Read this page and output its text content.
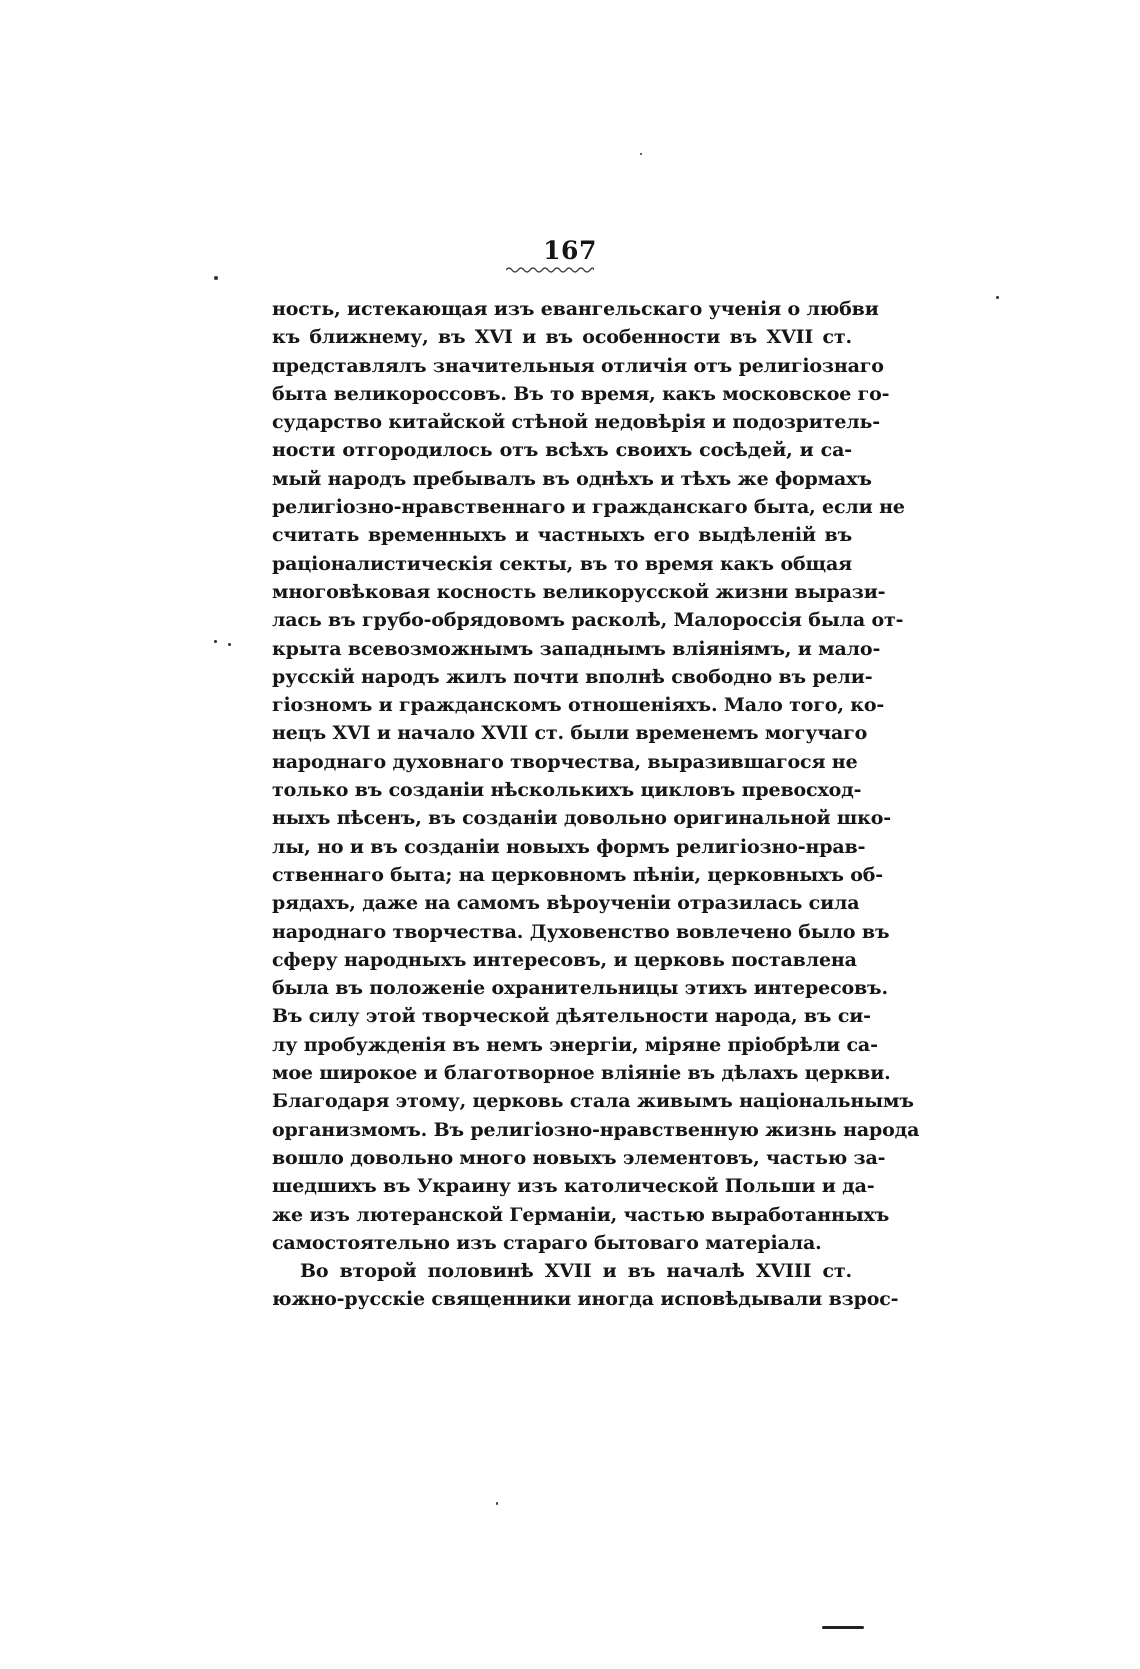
167
ность, истекающая изъ евангельскаго ученія о любви
къ ближнему, въ XVI и въ особенности въ XVII ст.
представлялъ значительныя отличія отъ религіознаго
быта великороссовъ. Въ то время, какъ московское го-
сударство китайской стѣной недовѣрія и подозритель-
ности отгородилось отъ всѣхъ своихъ сосѣдей, и са-
мый народъ пребывалъ въ однѣхъ и тѣхъ же формахъ
религіозно-нравственнаго и гражданскаго быта, если не
считать временныхъ и частныхъ его выдѣленій въ
раціоналистическія секты, въ то время какъ общая
многовѣковая косность великорусской жизни вырази-
лась въ грубо-обрядовомъ расколѣ, Малороссія была от-
крыта всевозможнымъ западнымъ вліяніямъ, и мало-
русскій народъ жилъ почти вполнѣ свободно въ рели-
гіозномъ и гражданскомъ отношеніяхъ. Мало того, ко-
нецъ XVI и начало XVII ст. были временемъ могучаго
народнаго духовнаго творчества, выразившагося не
только въ созданіи нѣсколькихъ цикловъ превосход-
ныхъ пѣсенъ, въ созданіи довольно оригинальной шко-
лы, но и въ созданіи новыхъ формъ религіозно-нрав-
ственнаго быта; на церковномъ пѣніи, церковныхъ об-
рядахъ, даже на самомъ вѣроученіи отразилась сила
народнаго творчества. Духовенство вовлечено было въ
сферу народныхъ интересовъ, и церковь поставлена
была въ положеніе охранительницы этихъ интересовъ.
Въ силу этой творческой дѣятельности народа, въ си-
лу пробужденія въ немъ энергіи, міряне пріобрѣли са-
мое широкое и благотворное вліяніе въ дѣлахъ церкви.
Благодаря этому, церковь стала живымъ національнымъ
организмомъ. Въ религіозно-нравственную жизнь народа
вошло довольно много новыхъ элементовъ, частью за-
шедшихъ въ Украину изъ католической Польши и да-
же изъ лютеранской Германіи, частью выработанныхъ
самостоятельно изъ стараго бытоваго матеріала.
Во второй половинѣ XVII и въ началѣ XVIII ст.
южно-русскіе священники иногда исповѣдывали взрос-
